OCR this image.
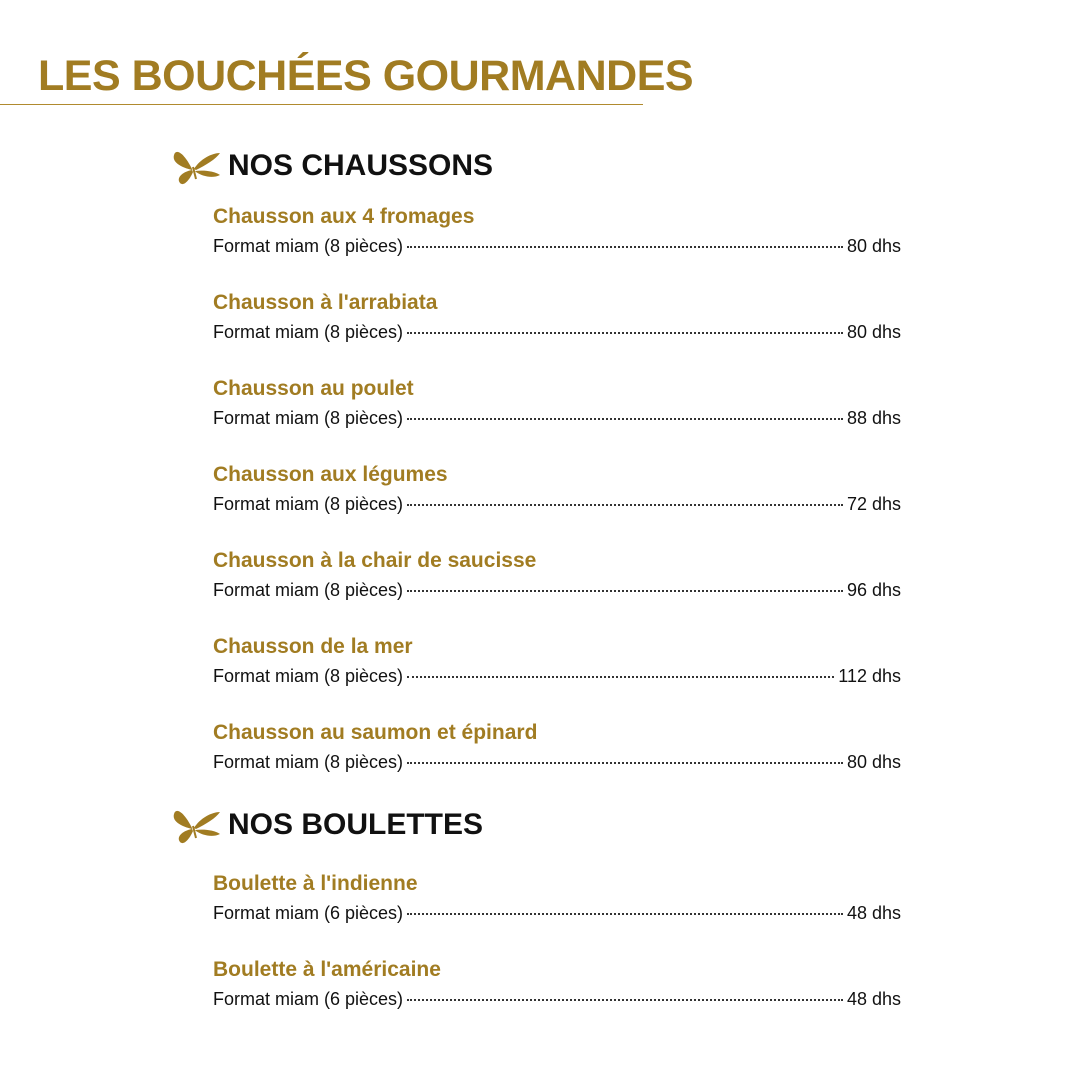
LES BOUCHÉES GOURMANDES
NOS CHAUSSONS
Chausson aux 4 fromages
Format miam (8 pièces)	80 dhs
Chausson à l'arrabiata
Format miam (8 pièces)	80 dhs
Chausson au poulet
Format miam (8 pièces)	88 dhs
Chausson aux légumes
Format miam (8 pièces)	72 dhs
Chausson à la chair de saucisse
Format miam (8 pièces)	96 dhs
Chausson de la mer
Format miam (8 pièces)	112 dhs
Chausson au saumon et épinard
Format miam (8 pièces)	80 dhs
NOS BOULETTES
Boulette à l'indienne
Format miam (6 pièces)	48 dhs
Boulette à l'américaine
Format miam (6 pièces)	48 dhs
